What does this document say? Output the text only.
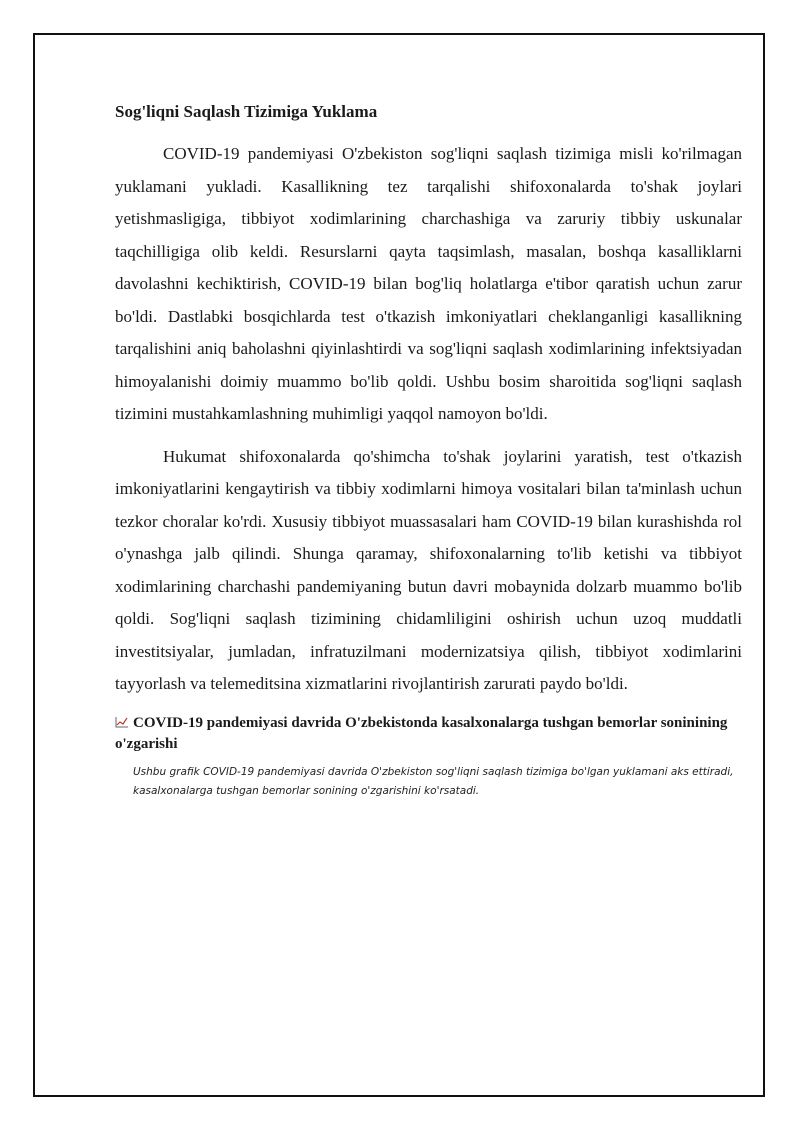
Sog'liqni Saqlash Tizimiga Yuklama

COVID-19 pandemiyasi O'zbekiston sog'liqni saqlash tizimiga misli ko'rilmagan yuklamani yukladi. Kasallikning tez tarqalishi shifoxonalarda to'shak joylari yetishmasligiga, tibbiyot xodimlarining charchashiga va zaruriy tibbiy uskunalar taqchilligiga olib keldi. Resurslarni qayta taqsimlash, masalan, boshqa kasalliklarni davolashni kechiktirish, COVID-19 bilan bog'liq holatlarga e'tibor qaratish uchun zarur bo'ldi. Dastlabki bosqichlarda test o'tkazish imkoniyatlari cheklanganligi kasallikning tarqalishini aniq baholashni qiyinlashtirdi va sog'liqni saqlash xodimlarining infektsiyadan himoyalanishi doimiy muammo bo'lib qoldi. Ushbu bosim sharoitida sog'liqni saqlash tizimini mustahkamlashning muhimligi yaqqol namoyon bo'ldi.

Hukumat shifoxonalarda qo'shimcha to'shak joylarini yaratish, test o'tkazish imkoniyatlarini kengaytirish va tibbiy xodimlarni himoya vositalari bilan ta'minlash uchun tezkor choralar ko'rdi. Xususiy tibbiyot muassasalari ham COVID-19 bilan kurashishda rol o'ynashga jalb qilindi. Shunga qaramay, shifoxonalarning to'lib ketishi va tibbiyot xodimlarining charchashi pandemiyaning butun davri mobaynida dolzarb muammo bo'lib qoldi. Sog'liqni saqlash tizimining chidamliligini oshirish uchun uzoq muddatli investitsiyalar, jumladan, infratuzilmani modernizatsiya qilish, tibbiyot xodimlarini tayyorlash va telemeditsina xizmatlarini rivojlantirish zarurati paydo bo'ldi.

COVID-19 pandemiyasi davrida O'zbekistonda kasalxonalarga tushgan bemorlar soninining o'zgarishi

Ushbu grafik COVID-19 pandemiyasi davrida O'zbekiston sog'liqni saqlash tizimiga bo'lgan yuklamani aks ettiradi, kasalxonalarga tushgan bemorlar sonining o'zgarishini ko'rsatadi.
